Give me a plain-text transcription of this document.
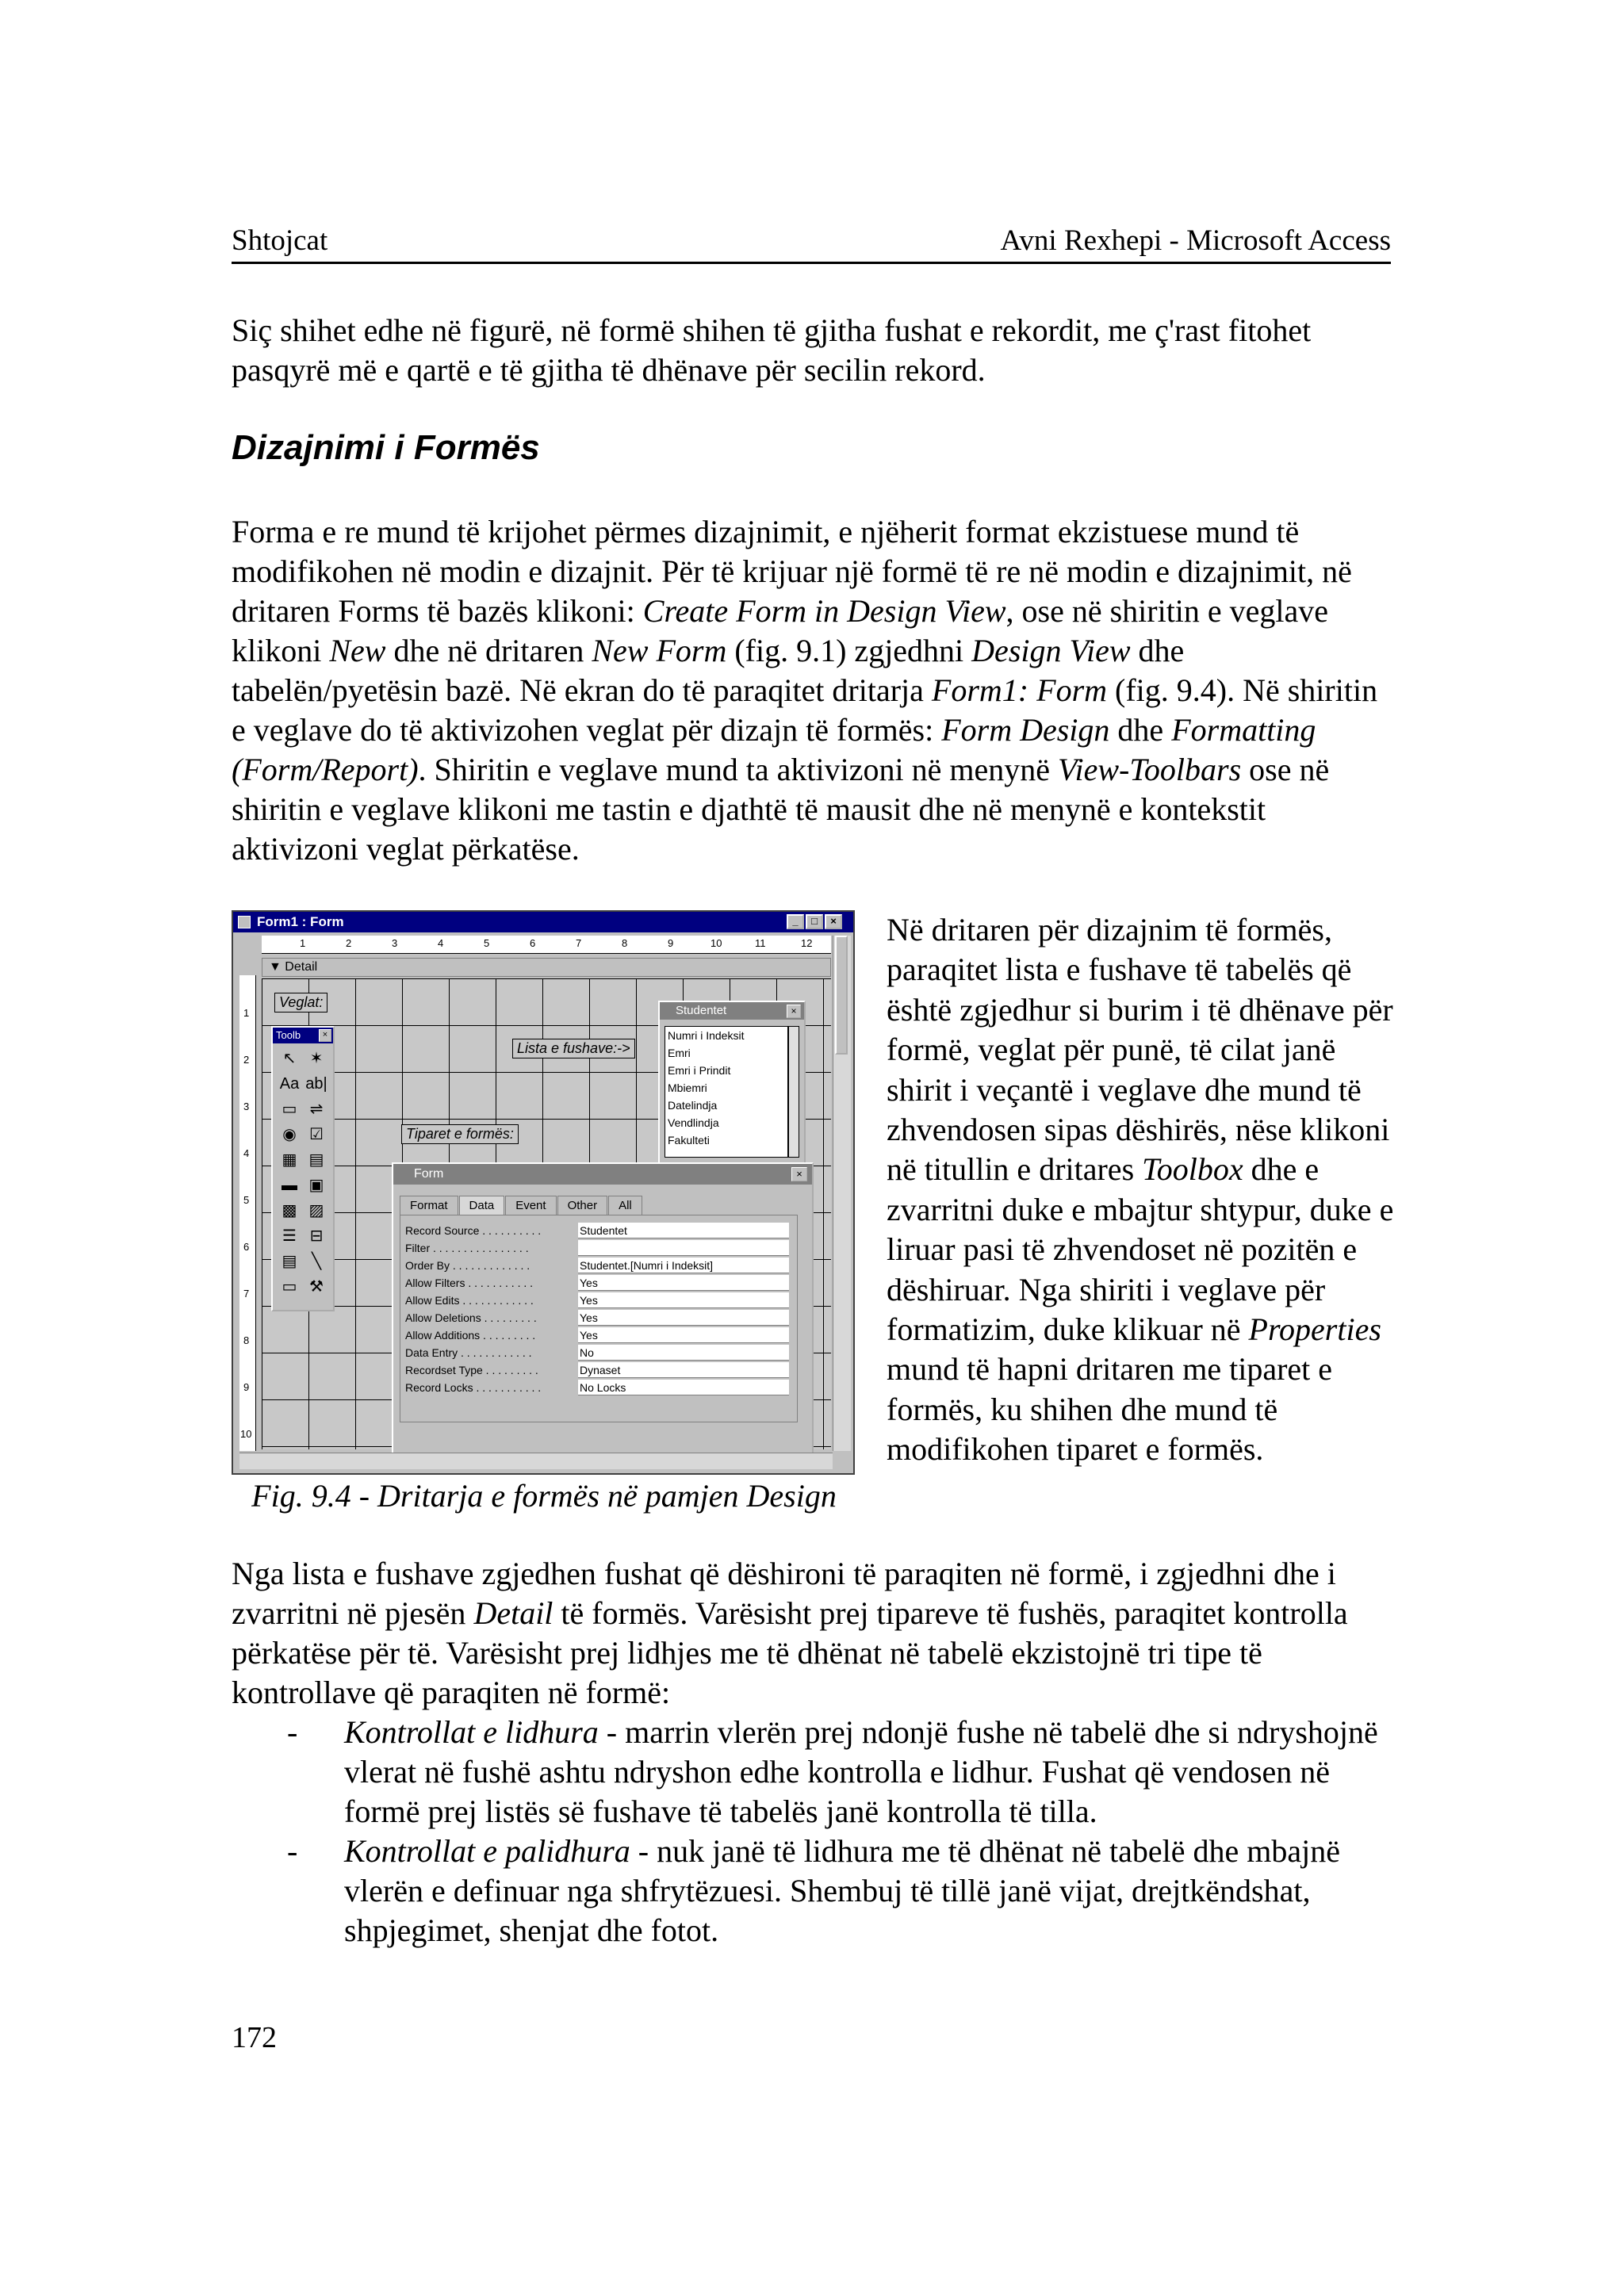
Shtojcat	Avni Rexhepi - Microsoft Access

Siç shihet edhe në figurë, në formë shihen të gjitha fushat e rekordit, me ç'rast fitohet pasqyrë më e qartë e të gjitha të dhënave për secilin rekord.

Dizajnimi i Formës

Forma e re mund të krijohet përmes dizajnimit, e njëherit format ekzistuese mund të modifikohen në modin e dizajnit. Për të krijuar një formë të re në modin e dizajnimit, në dritaren Forms të bazës klikoni: Create Form in Design View, ose në shiritin e veglave klikoni New dhe në dritaren New Form (fig. 9.1) zgjedhni Design View dhe tabelën/pyetësin bazë. Në ekran do të paraqitet dritarja Form1: Form (fig. 9.4). Në shiritin e veglave do të aktivizohen veglat për dizajn të formës: Form Design dhe Formatting (Form/Report). Shiritin e veglave mund ta aktivizoni në menynë View-Toolbars ose në shiritin e veglave klikoni me tastin e djathtë të mausit dhe në menynë e kontekstit aktivizoni veglat përkatëse.

Form1 : Form	_	□	×
1	2	3	4	5	6	7	8	9	10	11	12
▼ Detail
1
2
3
4
5
6
7
8
9
10
Veglat:
Lista e fushave:->
Tiparet e formës:
Toolb	×
↖ ✶
Aa ab|
▭ ⇌
◉ ☑
▦ ▤
▬ ▣
▩ ▨
☰ ⊟
▤ ╲
▭ ⚒
Studentet	×
Numri i Indeksit
Emri
Emri i Prindit
Mbiemri
Datelindja
Vendlindja
Fakulteti
Form	×
Format	Data	Event	Other	All
Record Source . . . . . . . . . .	Studentet
Filter . . . . . . . . . . . . . . . .
Order By . . . . . . . . . . . . .	Studentet.[Numri i Indeksit]
Allow Filters . . . . . . . . . . .	Yes
Allow Edits . . . . . . . . . . . .	Yes
Allow Deletions . . . . . . . . .	Yes
Allow Additions . . . . . . . . .	Yes
Data Entry . . . . . . . . . . . .	No
Recordset Type . . . . . . . . .	Dynaset
Record Locks . . . . . . . . . . .	No Locks

Në dritaren për dizajnim të formës, paraqitet lista e fushave të tabelës që është zgjedhur si burim i të dhënave për formë, veglat për punë, të cilat janë shirit i veçantë i veglave dhe mund të zhvendosen sipas dëshirës, nëse klikoni në titullin e dritares Toolbox dhe e zvarritni duke e mbajtur shtypur, duke e liruar pasi të zhvendoset në pozitën e dëshiruar. Nga shiriti i veglave për formatizim, duke klikuar në Properties mund të hapni dritaren me tiparet e formës, ku shihen dhe mund të modifikohen tiparet e formës.

Fig. 9.4 - Dritarja e formës në pamjen Design

Nga lista e fushave zgjedhen fushat që dëshironi të paraqiten në formë, i zgjedhni dhe i zvarritni në pjesën Detail të formës. Varësisht prej tipareve të fushës, paraqitet kontrolla përkatëse për të. Varësisht prej lidhjes me të dhënat në tabelë ekzistojnë tri tipe të kontrollave që paraqiten në formë:

- Kontrollat e lidhura - marrin vlerën prej ndonjë fushe në tabelë dhe si ndryshojnë vlerat në fushë ashtu ndryshon edhe kontrolla e lidhur. Fushat që vendosen në formë prej listës së fushave të tabelës janë kontrolla të tilla.
- Kontrollat e palidhura - nuk janë të lidhura me të dhënat në tabelë dhe mbajnë vlerën e definuar nga shfrytëzuesi. Shembuj të tillë janë vijat, drejtkëndshat, shpjegimet, shenjat dhe fotot.
172
